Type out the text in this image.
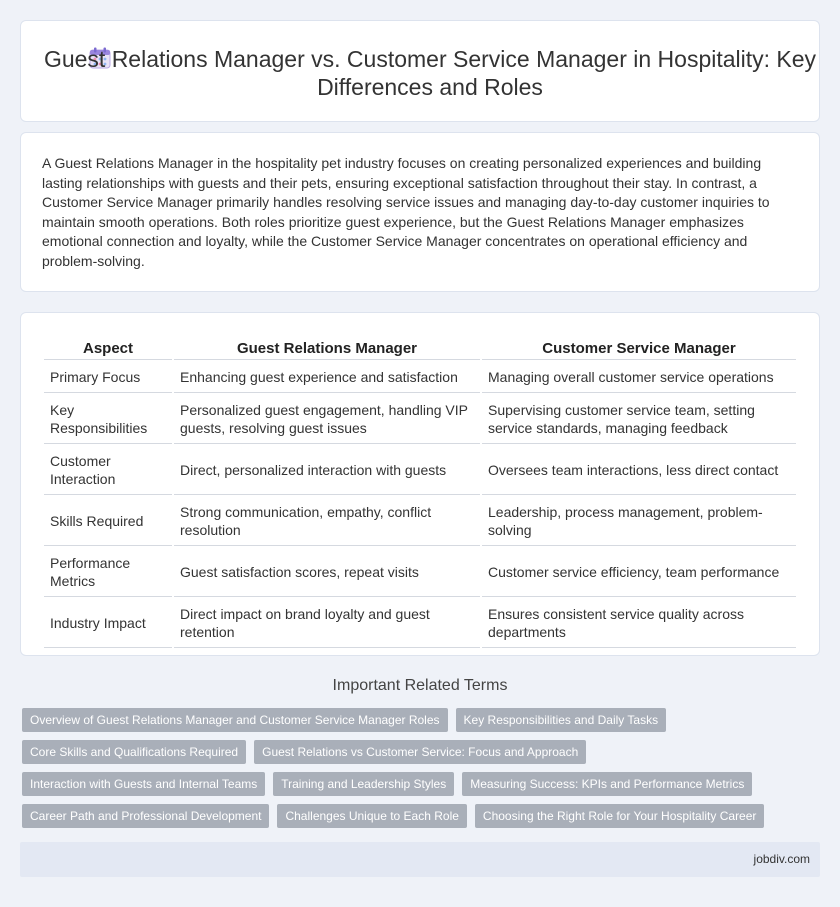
Guest Relations Manager vs. Customer Service Manager in Hospitality: Key Differences and Roles

A Guest Relations Manager in the hospitality pet industry focuses on creating personalized experiences and building lasting relationships with guests and their pets, ensuring exceptional satisfaction throughout their stay. In contrast, a Customer Service Manager primarily handles resolving service issues and managing day-to-day customer inquiries to maintain smooth operations. Both roles prioritize guest experience, but the Guest Relations Manager emphasizes emotional connection and loyalty, while the Customer Service Manager concentrates on operational efficiency and problem-solving.

Aspect	Guest Relations Manager	Customer Service Manager
Primary Focus	Enhancing guest experience and satisfaction	Managing overall customer service operations
Key Responsibilities	Personalized guest engagement, handling VIP guests, resolving guest issues	Supervising customer service team, setting service standards, managing feedback
Customer Interaction	Direct, personalized interaction with guests	Oversees team interactions, less direct contact
Skills Required	Strong communication, empathy, conflict resolution	Leadership, process management, problem-solving
Performance Metrics	Guest satisfaction scores, repeat visits	Customer service efficiency, team performance
Industry Impact	Direct impact on brand loyalty and guest retention	Ensures consistent service quality across departments
Important Related Terms
Overview of Guest Relations Manager and Customer Service Manager Roles	Key Responsibilities and Daily Tasks
Core Skills and Qualifications Required	Guest Relations vs Customer Service: Focus and Approach
Interaction with Guests and Internal Teams	Training and Leadership Styles	Measuring Success: KPIs and Performance Metrics
Career Path and Professional Development	Challenges Unique to Each Role	Choosing the Right Role for Your Hospitality Career
jobdiv.com
